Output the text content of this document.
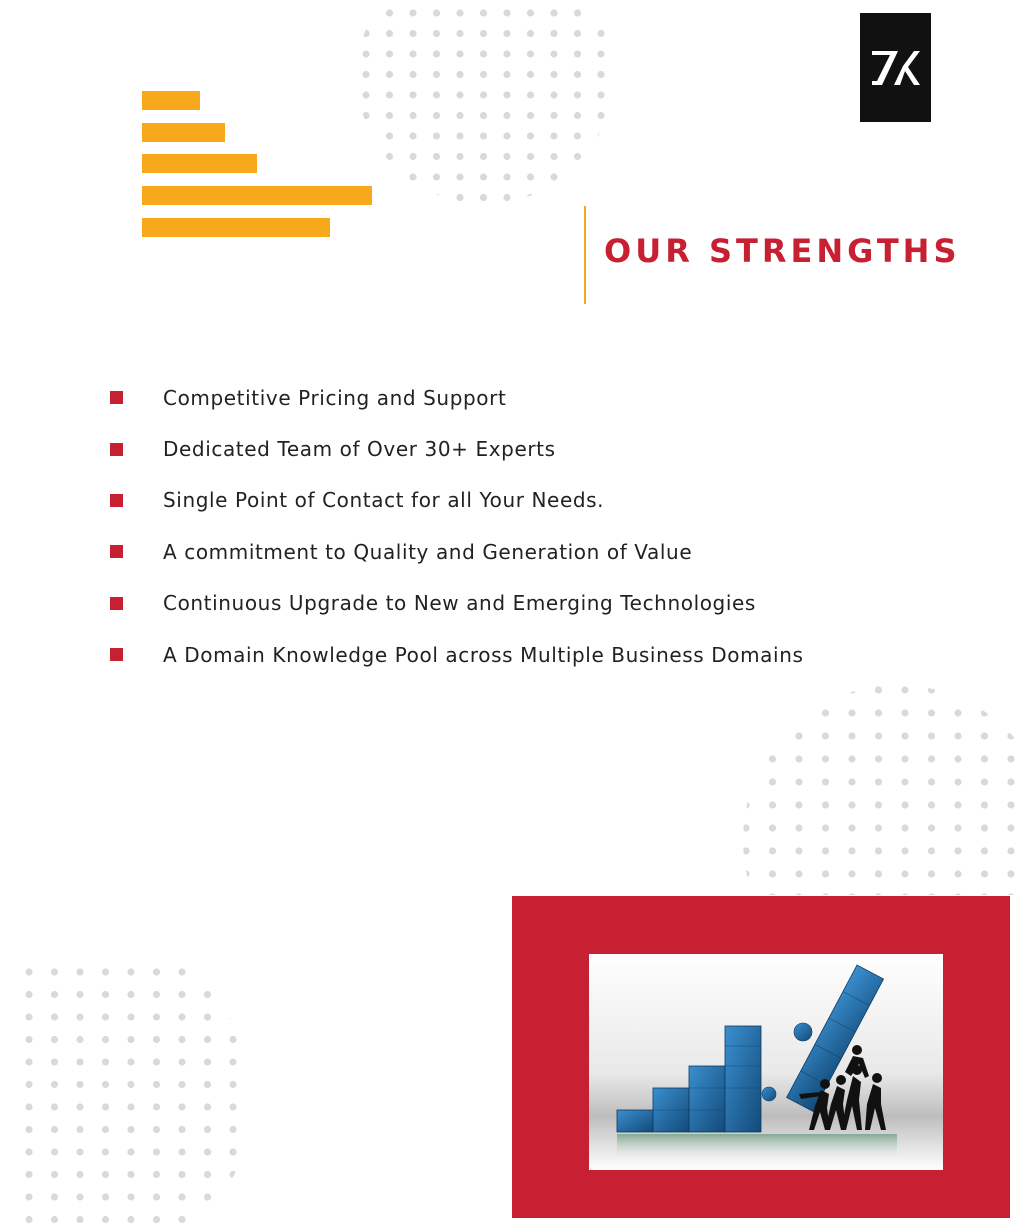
OUR STRENGTHS
Competitive Pricing and Support
Dedicated Team of Over 30+ Experts
Single Point of Contact for all Your Needs.
A commitment to Quality and Generation of Value
Continuous Upgrade to New and Emerging Technologies
A Domain Knowledge Pool across Multiple Business Domains
